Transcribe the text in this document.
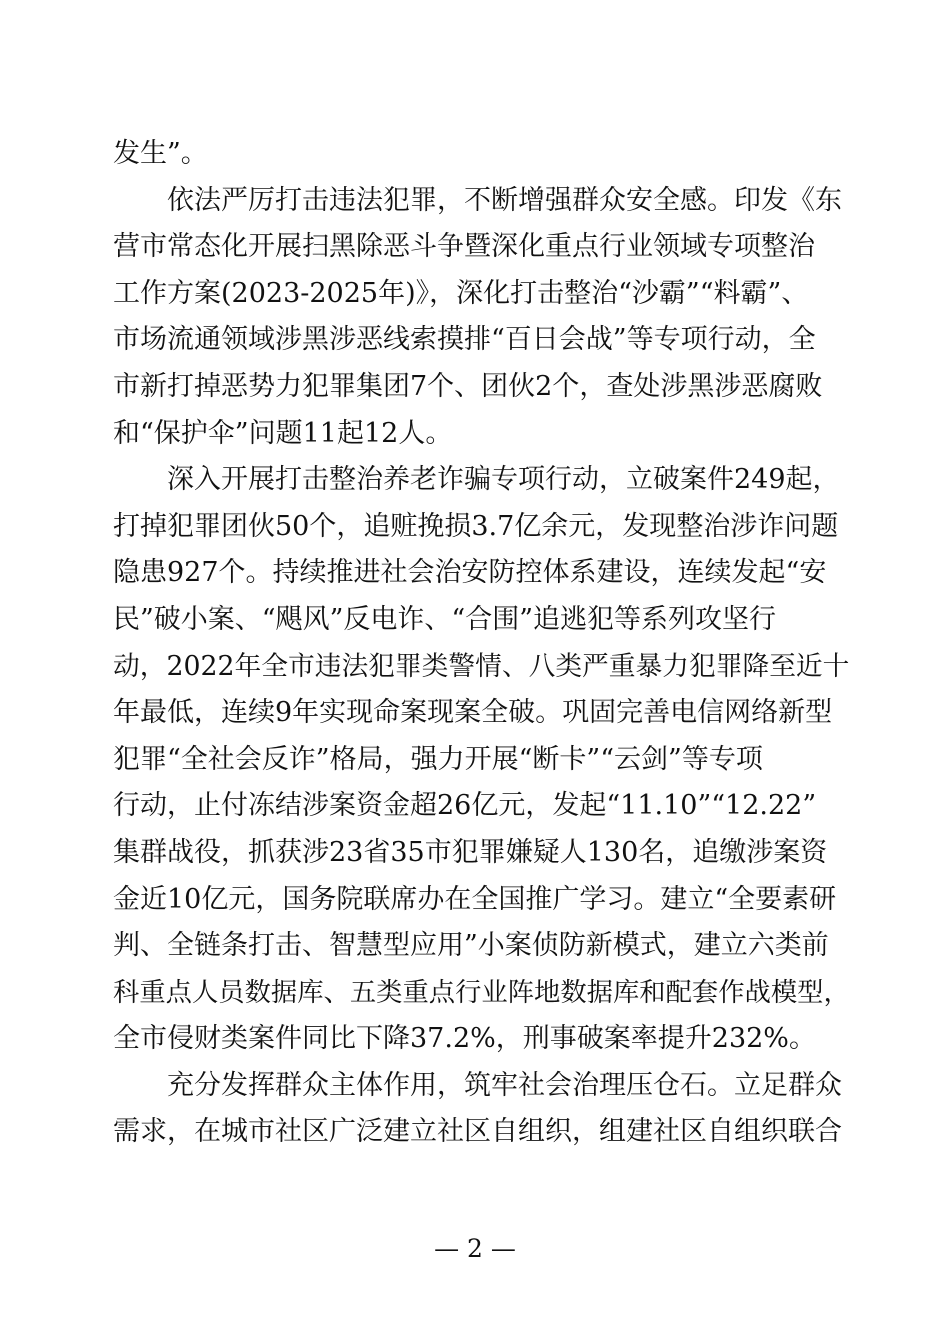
发生”。
依法严厉打击违法犯罪，不断增强群众安全感。印发《东
营市常态化开展扫黑除恶斗争暨深化重点行业领域专项整治
工作方案(2023-2025年)》，深化打击整治“沙霸”“料霸”、
市场流通领域涉黑涉恶线索摸排“百日会战”等专项行动，全
市新打掉恶势力犯罪集团7个、团伙2个，查处涉黑涉恶腐败
和“保护伞”问题11起12人。
深入开展打击整治养老诈骗专项行动，立破案件249起，
打掉犯罪团伙50个，追赃挽损3.7亿余元，发现整治涉诈问题
隐患927个。持续推进社会治安防控体系建设，连续发起“安
民”破小案、“飓风”反电诈、“合围”追逃犯等系列攻坚行
动，2022年全市违法犯罪类警情、八类严重暴力犯罪降至近十
年最低，连续9年实现命案现案全破。巩固完善电信网络新型
犯罪“全社会反诈”格局，强力开展“断卡”“云剑”等专项
行动，止付冻结涉案资金超26亿元，发起“11.10”“12.22”
集群战役，抓获涉23省35市犯罪嫌疑人130名，追缴涉案资
金近10亿元，国务院联席办在全国推广学习。建立“全要素研
判、全链条打击、智慧型应用”小案侦防新模式，建立六类前
科重点人员数据库、五类重点行业阵地数据库和配套作战模型，
全市侵财类案件同比下降37.2%，刑事破案率提升232%。
充分发挥群众主体作用，筑牢社会治理压仓石。立足群众
需求，在城市社区广泛建立社区自组织，组建社区自组织联合
— 2 —
